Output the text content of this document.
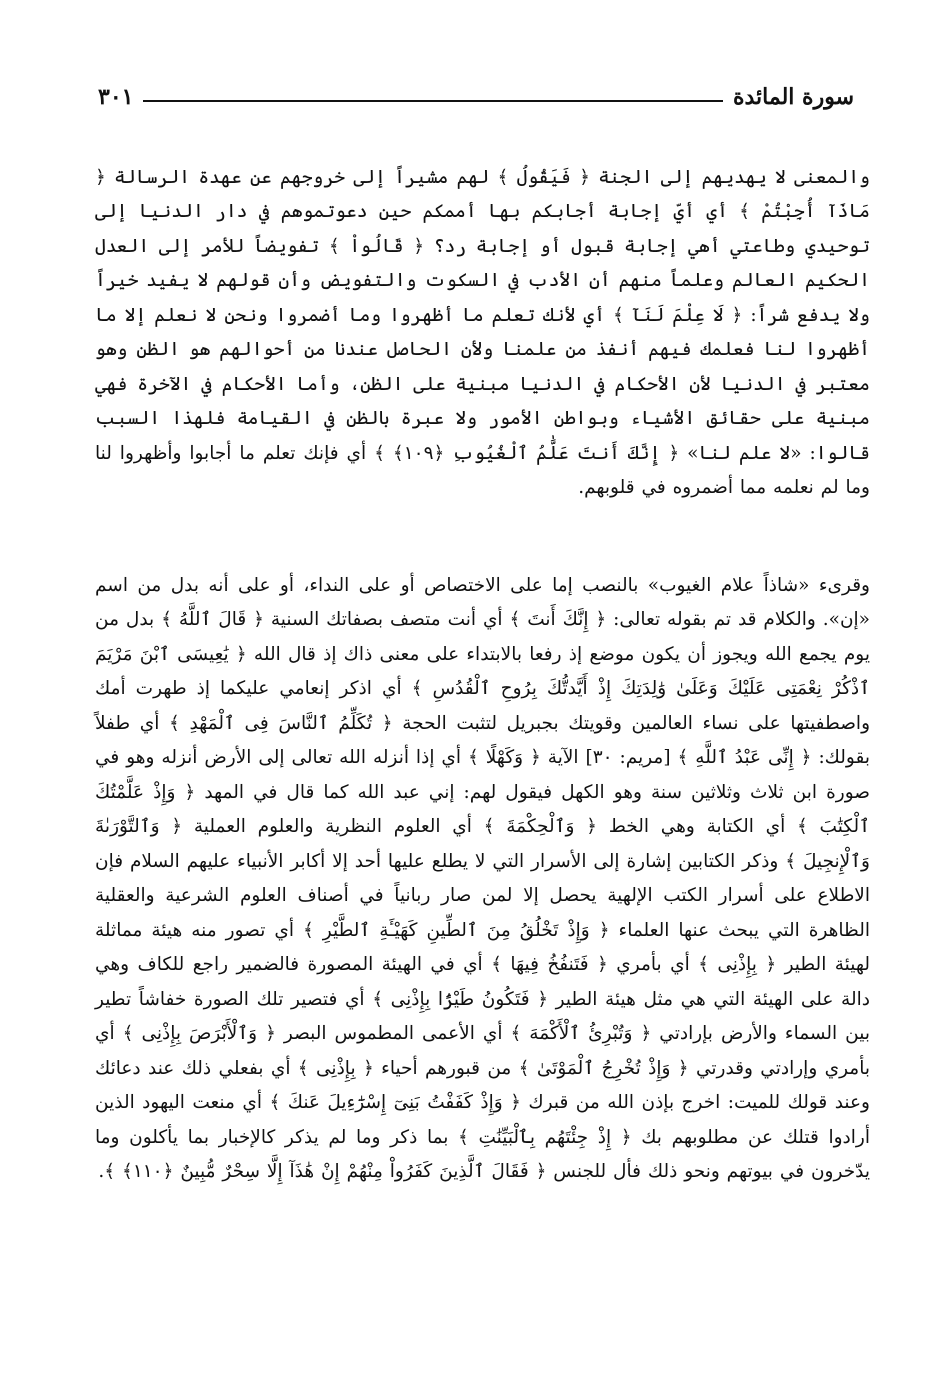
سورة المائدة
٣٠١

والمعنى لا يهديهم إلى الجنة ﴿ فَيَقُولُ ﴾ لهم مشيراً إلى خروجهم عن عهدة الرسالة ﴿ مَاذَآ أُجِبْتُمْ ﴾ أي أيّ إجابة أجابكم بها أممكم حين دعوتموهم في دار الدنيا إلى توحيدي وطاعتي أهي إجابة قبول أو إجابة رد؟ ﴿ قَالُواْ ﴾ تفويضاً للأمر إلى العدل الحكيم العالم وعلماً منهم أن الأدب في السكوت والتفويض وأن قولهم لا يفيد خيراً ولا يدفع شراً: ﴿ لَا عِلْمَ لَنَآ ﴾ أي لأنك تعلم ما أظهروا وما أضمروا ونحن لا نعلم إلا ما أظهروا لنا فعلمك فيهم أنفذ من علمنا ولأن الحاصل عندنا من أحوالهم هو الظن وهو معتبر في الدنيا لأن الأحكام في الدنيا مبنية على الظن، وأما الأحكام في الآخرة فهي مبنية على حقائق الأشياء وبواطن الأمور ولا عبرة بالظن في القيامة فلهذا السبب قالوا: «لا علم لنا» ﴿ إِنَّكَ أَنتَ عَلَّٰمُ ٱلْغُيُوبِ ﴿١٠٩﴾ ﴾ أي فإنك تعلم ما أجابوا وأظهروا لنا وما لم نعلمه مما أضمروه في قلوبهم.

وقرىء «شاذاً علام الغيوب» بالنصب إما على الاختصاص أو على النداء، أو على أنه بدل من اسم «إن». والكلام قد تم بقوله تعالى: ﴿ إِنَّكَ أَنتَ ﴾ أي أنت متصف بصفاتك السنية ﴿ قَالَ ٱللَّهُ ﴾ بدل من يوم يجمع الله ويجوز أن يكون موضع إذ رفعا بالابتداء على معنى ذاك إذ قال الله ﴿ يَٰعِيسَى ٱبْنَ مَرْيَمَ ٱذْكُرْ نِعْمَتِى عَلَيْكَ وَعَلَىٰ وَٰلِدَتِكَ إِذْ أَيَّدتُّكَ بِرُوحِ ٱلْقُدُسِ ﴾ أي اذكر إنعامي عليكما إذ طهرت أمك واصطفيتها على نساء العالمين وقويتك بجبريل لتثبت الحجة ﴿ تُكَلِّمُ ٱلنَّاسَ فِى ٱلْمَهْدِ ﴾ أي طفلاً بقولك: ﴿ إِنِّى عَبْدُ ٱللَّهِ ﴾ [مريم: ٣٠] الآية ﴿ وَكَهْلًا ﴾ أي إذا أنزله الله تعالى إلى الأرض أنزله وهو في صورة ابن ثلاث وثلاثين سنة وهو الكهل فيقول لهم: إني عبد الله كما قال في المهد ﴿ وَإِذْ عَلَّمْتُكَ ٱلْكِتَٰبَ ﴾ أي الكتابة وهي الخط ﴿ وَٱلْحِكْمَةَ ﴾ أي العلوم النظرية والعلوم العملية ﴿ وَٱلتَّوْرَىٰةَ وَٱلْإِنجِيلَ ﴾ وذكر الكتابين إشارة إلى الأسرار التي لا يطلع عليها أحد إلا أكابر الأنبياء عليهم السلام فإن الاطلاع على أسرار الكتب الإلهية يحصل إلا لمن صار ربانياً في أصناف العلوم الشرعية والعقلية الظاهرة التي يبحث عنها العلماء ﴿ وَإِذْ تَخْلُقُ مِنَ ٱلطِّينِ كَهَيْـَٔةِ ٱلطَّيْرِ ﴾ أي تصور منه هيئة مماثلة لهيئة الطير ﴿ بِإِذْنِى ﴾ أي بأمري ﴿ فَتَنفُخُ فِيهَا ﴾ أي في الهيئة المصورة فالضمير راجع للكاف وهي دالة على الهيئة التي هي مثل هيئة الطير ﴿ فَتَكُونُ طَيْرًۢا بِإِذْنِى ﴾ أي فتصير تلك الصورة خفاشاً تطير بين السماء والأرض بإرادتي ﴿ وَتُبْرِئُ ٱلْأَكْمَهَ ﴾ أي الأعمى المطموس البصر ﴿ وَٱلْأَبْرَصَ بِإِذْنِى ﴾ أي بأمري وإرادتي وقدرتي ﴿ وَإِذْ تُخْرِجُ ٱلْمَوْتَىٰ ﴾ من قبورهم أحياء ﴿ بِإِذْنِى ﴾ أي بفعلي ذلك عند دعائك وعند قولك للميت: اخرج بإذن الله من قبرك ﴿ وَإِذْ كَفَفْتُ بَنِىٓ إِسْرَٰٓءِيلَ عَنكَ ﴾ أي منعت اليهود الذين أرادوا قتلك عن مطلوبهم بك ﴿ إِذْ جِئْتَهُم بِٱلْبَيِّنَٰتِ ﴾ بما ذكر وما لم يذكر كالإخبار بما يأكلون وما يدّخرون في بيوتهم ونحو ذلك فأل للجنس ﴿ فَقَالَ ٱلَّذِينَ كَفَرُواْ مِنْهُمْ إِنْ هَٰذَآ إِلَّا سِحْرٌ مُّبِينٌ ﴿١١٠﴾ ﴾.
